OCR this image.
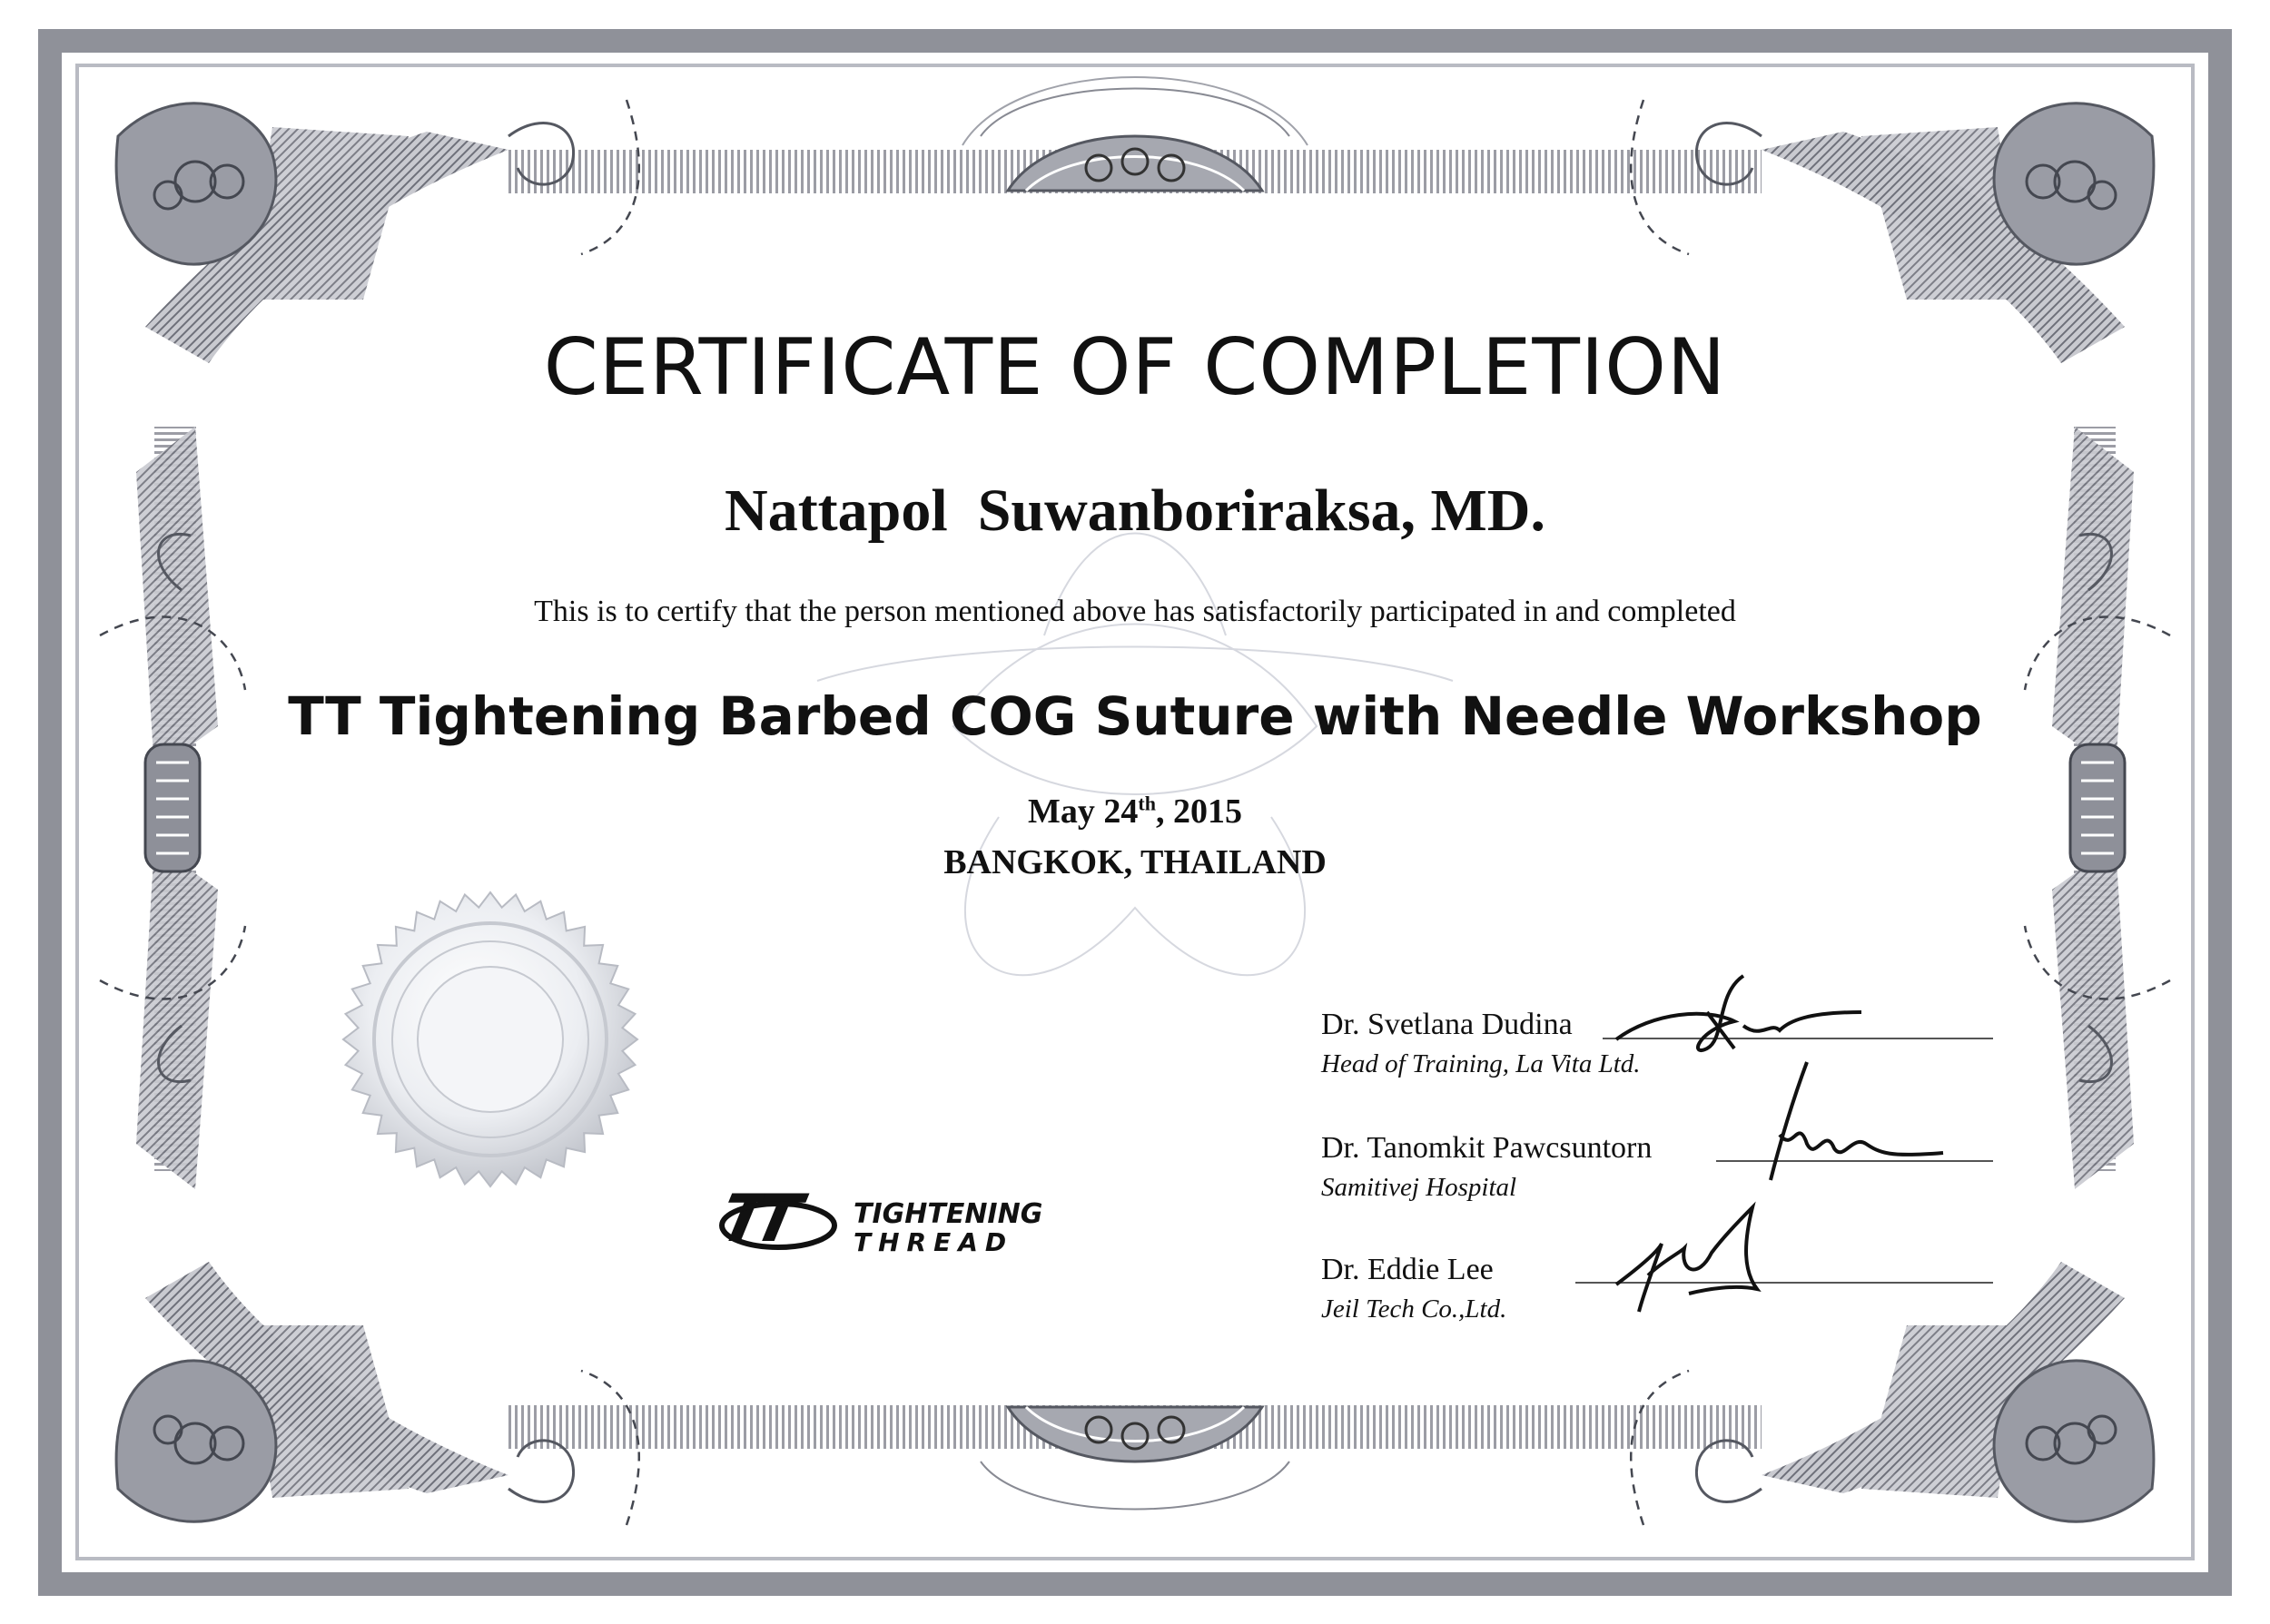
CERTIFICATE OF COMPLETION
Nattapol  Suwanboriraksa, MD.
This is to certify that the person mentioned above has satisfactorily participated in and completed
TT Tightening Barbed COG Suture with Needle Workshop
May 24th, 2015
BANGKOK, THAILAND
TT TIGHTENING
THREAD
Dr. Svetlana Dudina
Head of Training, La Vita Ltd.
Dr. Tanomkit Pawcsuntorn
Samitivej Hospital
Dr. Eddie Lee
Jeil Tech Co.,Ltd.
